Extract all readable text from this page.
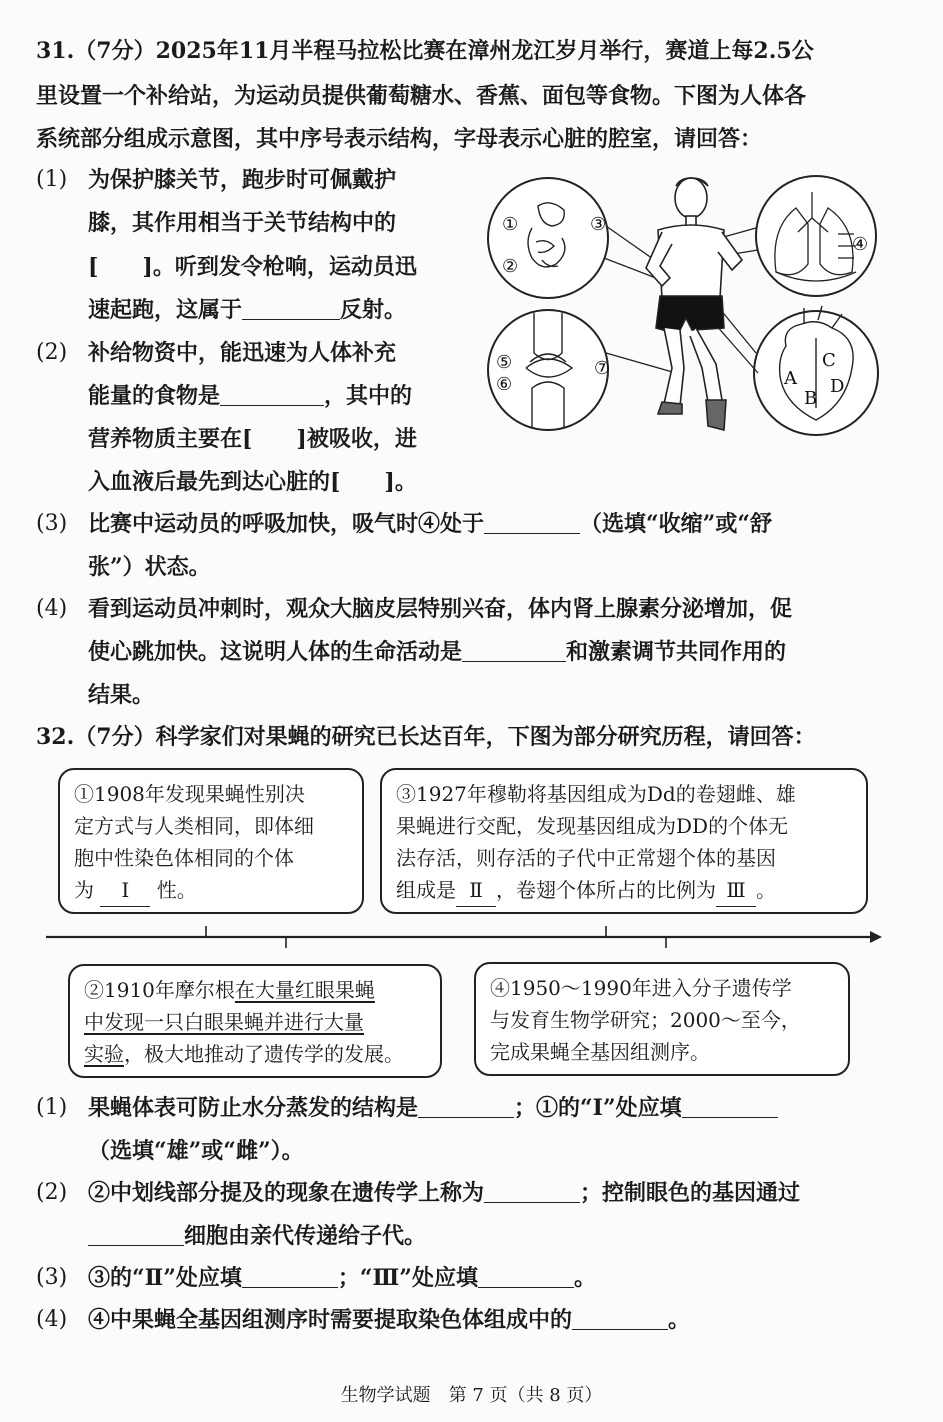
31.（7分）2025年11月半程马拉松比赛在漳州龙江岁月举行，赛道上每2.5公
里设置一个补给站，为运动员提供葡萄糖水、香蕉、面包等食物。下图为人体各
系统部分组成示意图，其中序号表示结构，字母表示心脏的腔室，请回答：
(1) 为保护膝关节，跑步时可佩戴护
膝，其作用相当于关节结构中的
[　　]。听到发令枪响，运动员迅
速起跑，这属于	反射。
(2) 补给物资中，能迅速为人体补充
能量的食物是	，其中的
营养物质主要在[　　]被吸收，进
入血液后最先到达心脏的[　　]。
①
②
③
④
⑤
⑥
⑦	A
B
C
D
(3) 比赛中运动员的呼吸加快，吸气时④处于	（选填“收缩”或“舒
张”）状态。
(4) 看到运动员冲刺时，观众大脑皮层特别兴奋，体内肾上腺素分泌增加，促
使心跳加快。这说明人体的生命活动是	和激素调节共同作用的
结果。
32.（7分）科学家们对果蝇的研究已长达百年，下图为部分研究历程，请回答：
①1908年发现果蝇性别决
定方式与人类相同，即体细
胞中性染色体相同的个体
为 Ⅰ 性。
③1927年穆勒将基因组成为Dd的卷翅雌、雄
果蝇进行交配，发现基因组成为DD的个体无
法存活，则存活的子代中正常翅个体的基因
组成是 Ⅱ ，卷翅个体所占的比例为 Ⅲ 。
②1910年摩尔根在大量红眼果蝇
中发现一只白眼果蝇并进行大量
实验，极大地推动了遗传学的发展。
④1950～1990年进入分子遗传学
与发育生物学研究；2000～至今，
完成果蝇全基因组测序。
(1) 果蝇体表可防止水分蒸发的结构是	；①的“Ⅰ”处应填
（选填“雄”或“雌”）。
(2) ②中划线部分提及的现象在遗传学上称为	；控制眼色的基因通过
细胞由亲代传递给子代。
(3) ③的“Ⅱ”处应填	；“Ⅲ”处应填	。
(4) ④中果蝇全基因组测序时需要提取染色体组成中的	。
生物学试题　第 7 页（共 8 页）
